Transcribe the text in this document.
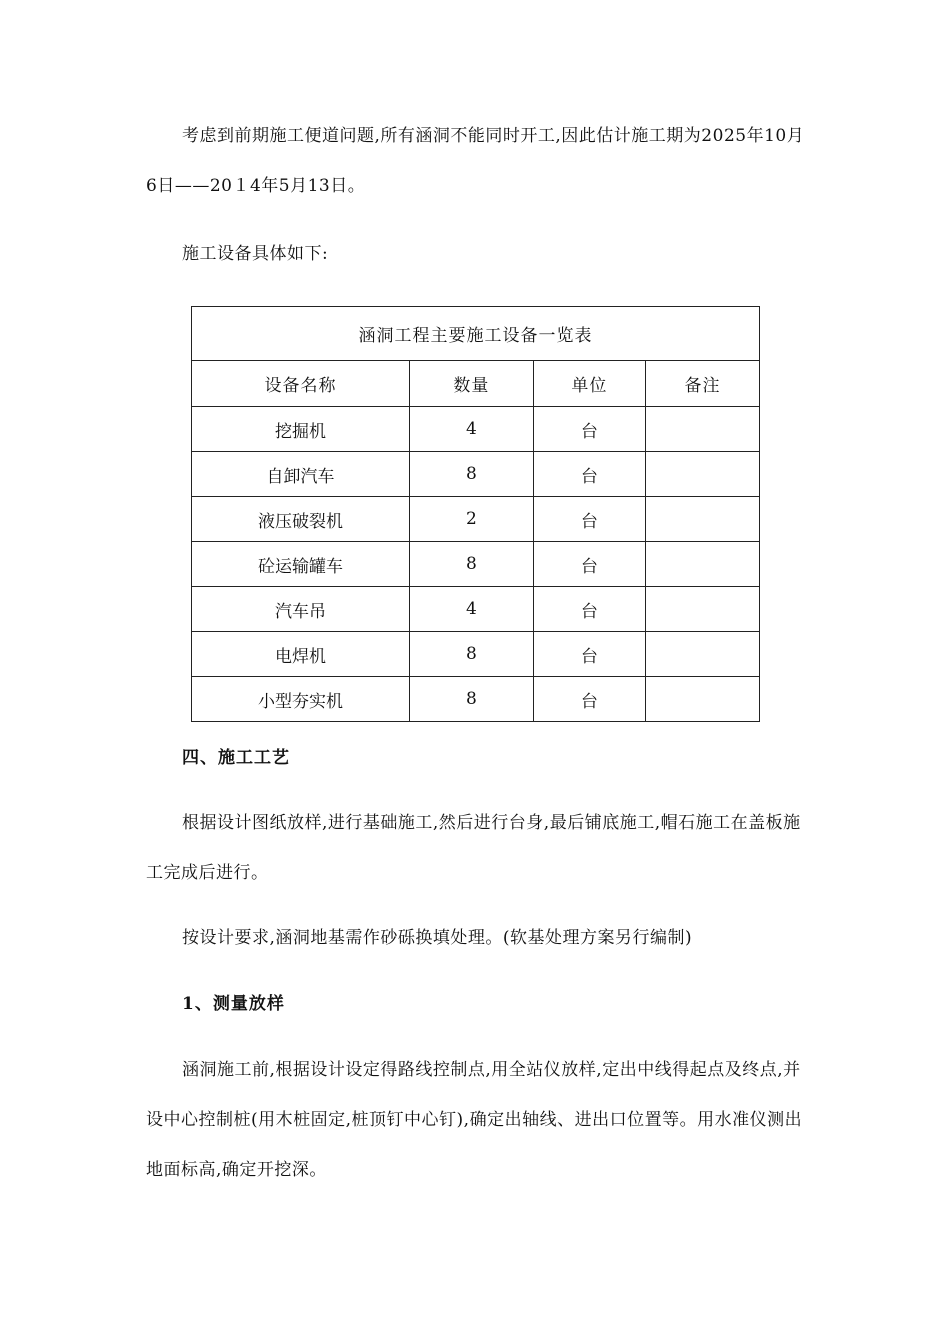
考虑到前期施工便道问题,所有涵洞不能同时开工,因此估计施工期为2025年10月6日——20１4年5月13日。

施工设备具体如下:

涵洞工程主要施工设备一览表			
设备名称	数量	单位	备注
挖掘机	4	台	
自卸汽车	8	台	
液压破裂机	2	台	
砼运输罐车	8	台	
汽车吊	4	台	
电焊机	8	台	
小型夯实机	8	台	
四、施工工艺

根据设计图纸放样,进行基础施工,然后进行台身,最后铺底施工,帽石施工在盖板施工完成后进行。

按设计要求,涵洞地基需作砂砾换填处理。(软基处理方案另行编制)

1、测量放样

涵洞施工前,根据设计设定得路线控制点,用全站仪放样,定出中线得起点及终点,并设中心控制桩(用木桩固定,桩顶钉中心钉),确定出轴线、进出口位置等。用水准仪测出地面标高,确定开挖深。
